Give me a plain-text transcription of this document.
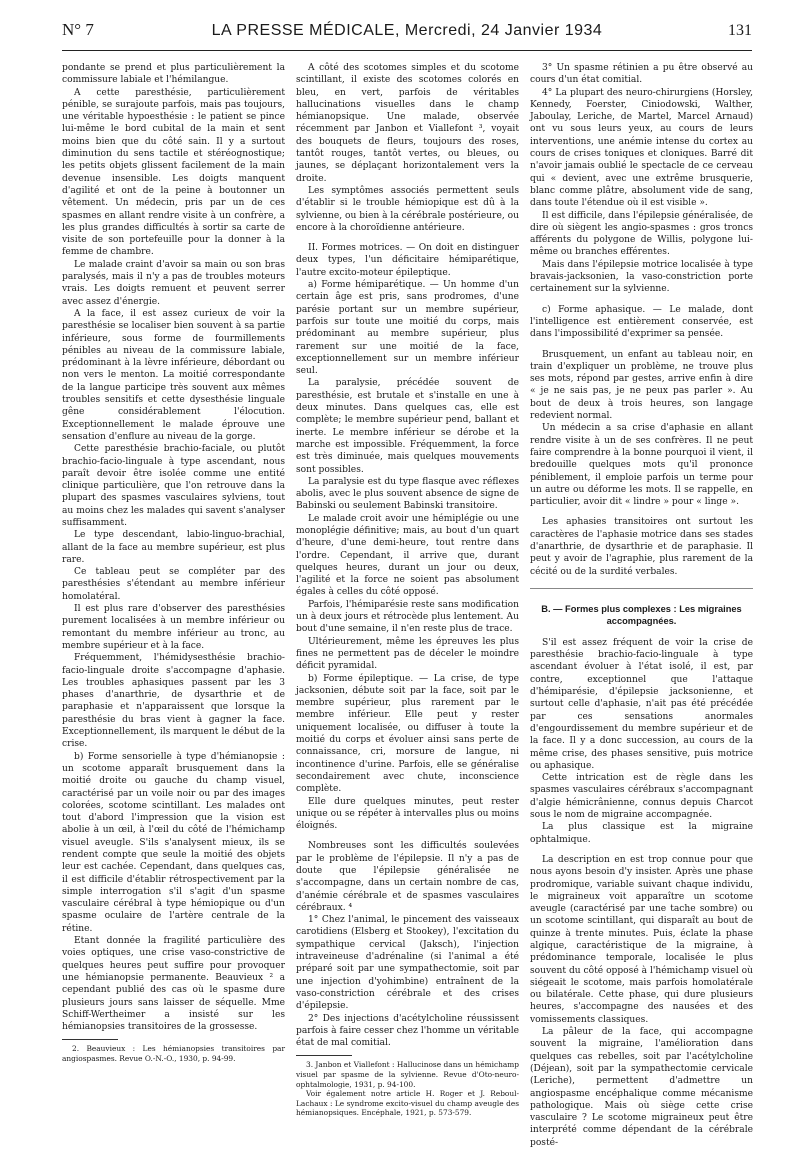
N° 7	LA PRESSE MÉDICALE, Mercredi, 24 Janvier 1934	131

pondante se prend et plus particulièrement la commissure labiale et l'hémilangue.

A cette paresthésie, particulièrement pénible, se surajoute parfois, mais pas toujours, une véritable hypoesthésie : le patient se pince lui-même le bord cubital de la main et sent moins bien que du côté sain. Il y a surtout diminution du sens tactile et stéréognostique; les petits objets glissent facilement de la main devenue insensible. Les doigts manquent d'agilité et ont de la peine à boutonner un vêtement. Un médecin, pris par un de ces spasmes en allant rendre visite à un confrère, a les plus grandes difficultés à sortir sa carte de visite de son portefeuille pour la donner à la femme de chambre.

Le malade craint d'avoir sa main ou son bras paralysés, mais il n'y a pas de troubles moteurs vrais. Les doigts remuent et peuvent serrer avec assez d'énergie.

A la face, il est assez curieux de voir la paresthésie se localiser bien souvent à sa partie inférieure, sous forme de fourmillements pénibles au niveau de la commissure labiale, prédominant à la lèvre inférieure, débordant ou non vers le menton. La moitié correspondante de la langue participe très souvent aux mêmes troubles sensitifs et cette dysesthésie linguale gêne considérablement l'élocution. Exceptionnellement le malade éprouve une sensation d'enflure au niveau de la gorge.

Cette paresthésie brachio-faciale, ou plutôt brachio-facio-linguale à type ascendant, nous paraît devoir être isolée comme une entité clinique particulière, que l'on retrouve dans la plupart des spasmes vasculaires sylviens, tout au moins chez les malades qui savent s'analyser suffisamment.

Le type descendant, labio-linguo-brachial, allant de la face au membre supérieur, est plus rare.

Ce tableau peut se compléter par des paresthésies s'étendant au membre inférieur homolatéral.

Il est plus rare d'observer des paresthésies purement localisées à un membre inférieur ou remontant du membre inférieur au tronc, au membre supérieur et à la face.

Fréquemment, l'hémidysesthésie brachio-facio-linguale droite s'accompagne d'aphasie. Les troubles aphasiques passent par les 3 phases d'anarthrie, de dysarthrie et de paraphasie et n'apparaissent que lorsque la paresthésie du bras vient à gagner la face. Exceptionnellement, ils marquent le début de la crise.

b) Forme sensorielle à type d'hémianopsie : un scotome apparaît brusquement dans la moitié droite ou gauche du champ visuel, caractérisé par un voile noir ou par des images colorées, scotome scintillant. Les malades ont tout d'abord l'impression que la vision est abolie à un œil, à l'œil du côté de l'hémichamp visuel aveugle. S'ils s'analysent mieux, ils se rendent compte que seule la moitié des objets leur est cachée. Cependant, dans quelques cas, il est difficile d'établir rétrospectivement par la simple interrogation s'il s'agit d'un spasme vasculaire cérébral à type hémiopique ou d'un spasme oculaire de l'artère centrale de la rétine.

Etant donnée la fragilité particulière des voies optiques, une crise vaso-constrictive de quelques heures peut suffire pour provoquer une hémianopsie permanente. Beauvieux ² a cependant publié des cas où le spasme dure plusieurs jours sans laisser de séquelle. Mme Schiff-Wertheimer a insisté sur les hémianopsies transitoires de la grossesse.

2. Beauvieux : Les hémianopsies transitoires par angiospasmes. Revue O.-N.-O., 1930, p. 94-99.

A côté des scotomes simples et du scotome scintillant, il existe des scotomes colorés en bleu, en vert, parfois de véritables hallucinations visuelles dans le champ hémianopsique. Une malade, observée récemment par Janbon et Viallefont ³, voyait des bouquets de fleurs, toujours des roses, tantôt rouges, tantôt vertes, ou bleues, ou jaunes, se déplaçant horizontalement vers la droite.

Les symptômes associés permettent seuls d'établir si le trouble hémiopique est dû à la sylvienne, ou bien à la cérébrale postérieure, ou encore à la choroïdienne antérieure.

II. Formes motrices. — On doit en distinguer deux types, l'un déficitaire hémiparétique, l'autre excito-moteur épileptique.

a) Forme hémiparétique. — Un homme d'un certain âge est pris, sans prodromes, d'une parésie portant sur un membre supérieur, parfois sur toute une moitié du corps, mais prédominant au membre supérieur, plus rarement sur une moitié de la face, exceptionnellement sur un membre inférieur seul.

La paralysie, précédée souvent de paresthésie, est brutale et s'installe en une à deux minutes. Dans quelques cas, elle est complète; le membre supérieur pend, ballant et inerte. Le membre inférieur se dérobe et la marche est impossible. Fréquemment, la force est très diminuée, mais quelques mouvements sont possibles.

La paralysie est du type flasque avec réflexes abolis, avec le plus souvent absence de signe de Babinski ou seulement Babinski transitoire.

Le malade croit avoir une hémiplégie ou une monoplégie définitive; mais, au bout d'un quart d'heure, d'une demi-heure, tout rentre dans l'ordre. Cependant, il arrive que, durant quelques heures, durant un jour ou deux, l'agilité et la force ne soient pas absolument égales à celles du côté opposé.

Parfois, l'hémiparésie reste sans modification un à deux jours et rétrocède plus lentement. Au bout d'une semaine, il n'en reste plus de trace.

Ultérieurement, même les épreuves les plus fines ne permettent pas de déceler le moindre déficit pyramidal.

b) Forme épileptique. — La crise, de type jacksonien, débute soit par la face, soit par le membre supérieur, plus rarement par le membre inférieur. Elle peut y rester uniquement localisée, ou diffuser à toute la moitié du corps et évoluer ainsi sans perte de connaissance, cri, morsure de langue, ni incontinence d'urine. Parfois, elle se généralise secondairement avec chute, inconscience complète.

Elle dure quelques minutes, peut rester unique ou se répéter à intervalles plus ou moins éloignés.

Nombreuses sont les difficultés soulevées par le problème de l'épilepsie. Il n'y a pas de doute que l'épilepsie généralisée ne s'accompagne, dans un certain nombre de cas, d'anémie cérébrale et de spasmes vasculaires cérébraux. ⁴

1° Chez l'animal, le pincement des vaisseaux carotidiens (Elsberg et Stookey), l'excitation du sympathique cervical (Jaksch), l'injection intraveineuse d'adrénaline (si l'animal a été préparé soit par une sympathectomie, soit par une injection d'yohimbine) entraînent de la vaso-constriction cérébrale et des crises d'épilepsie.

2° Des injections d'acétylcholine réussissent parfois à faire cesser chez l'homme un véritable état de mal comitial.

3. Janbon et Viallefont : Hallucinose dans un hémichamp visuel par spasme de la sylvienne. Revue d'Oto-neuro-ophtalmologie, 1931, p. 94-100.

Voir également notre article H. Roger et J. Reboul-Lachaux : Le syndrome excito-visuel du champ aveugle des hémianopsiques. Encéphale, 1921, p. 573-579.

3° Un spasme rétinien a pu être observé au cours d'un état comitial.

4° La plupart des neuro-chirurgiens (Horsley, Kennedy, Foerster, Ciniodowski, Walther, Jaboulay, Leriche, de Martel, Marcel Arnaud) ont vu sous leurs yeux, au cours de leurs interventions, une anémie intense du cortex au cours de crises toniques et cloniques. Barré dit n'avoir jamais oublié le spectacle de ce cerveau qui « devient, avec une extrême brusquerie, blanc comme plâtre, absolument vide de sang, dans toute l'étendue où il est visible ».

Il est difficile, dans l'épilepsie généralisée, de dire où siègent les angio-spasmes : gros troncs afférents du polygone de Willis, polygone lui-même ou branches efférentes.

Mais dans l'épilepsie motrice localisée à type bravais-jacksonien, la vaso-constriction porte certainement sur la sylvienne.

c) Forme aphasique. — Le malade, dont l'intelligence est entièrement conservée, est dans l'impossibilité d'exprimer sa pensée.

Brusquement, un enfant au tableau noir, en train d'expliquer un problème, ne trouve plus ses mots, répond par gestes, arrive enfin à dire « je ne sais pas, je ne peux pas parler ». Au bout de deux à trois heures, son langage redevient normal.

Un médecin a sa crise d'aphasie en allant rendre visite à un de ses confrères. Il ne peut faire comprendre à la bonne pourquoi il vient, il bredouille quelques mots qu'il prononce péniblement, il emploie parfois un terme pour un autre ou déforme les mots. Il se rappelle, en particulier, avoir dit « lindre » pour « linge ».

Les aphasies transitoires ont surtout les caractères de l'aphasie motrice dans ses stades d'anarthrie, de dysarthrie et de paraphasie. Il peut y avoir de l'agraphie, plus rarement de la cécité ou de la surdité verbales.

B. — Formes plus complexes : Les migraines accompagnées.

S'il est assez fréquent de voir la crise de paresthésie brachio-facio-linguale à type ascendant évoluer à l'état isolé, il est, par contre, exceptionnel que l'attaque d'hémiparésie, d'épilepsie jacksonienne, et surtout celle d'aphasie, n'ait pas été précédée par ces sensations anormales d'engourdissement du membre supérieur et de la face. Il y a donc succession, au cours de la même crise, des phases sensitive, puis motrice ou aphasique.

Cette intrication est de règle dans les spasmes vasculaires cérébraux s'accompagnant d'algie hémicrânienne, connus depuis Charcot sous le nom de migraine accompagnée.

La plus classique est la migraine ophtalmique.

La description en est trop connue pour que nous ayons besoin d'y insister. Après une phase prodromique, variable suivant chaque individu, le migraineux voit apparaître un scotome aveugle (caractérisé par une tache sombre) ou un scotome scintillant, qui disparaît au bout de quinze à trente minutes. Puis, éclate la phase algique, caractéristique de la migraine, à prédominance temporale, localisée le plus souvent du côté opposé à l'hémichamp visuel où siégeait le scotome, mais parfois homolatérale ou bilatérale. Cette phase, qui dure plusieurs heures, s'accompagne des nausées et des vomissements classiques.

La pâleur de la face, qui accompagne souvent la migraine, l'amélioration dans quelques cas rebelles, soit par l'acétylcholine (Déjean), soit par la sympathectomie cervicale (Leriche), permettent d'admettre un angiospasme encéphalique comme mécanisme pathologique. Mais où siège cette crise vasculaire ? Le scotome migraineux peut être interprété comme dépendant de la cérébrale posté-
